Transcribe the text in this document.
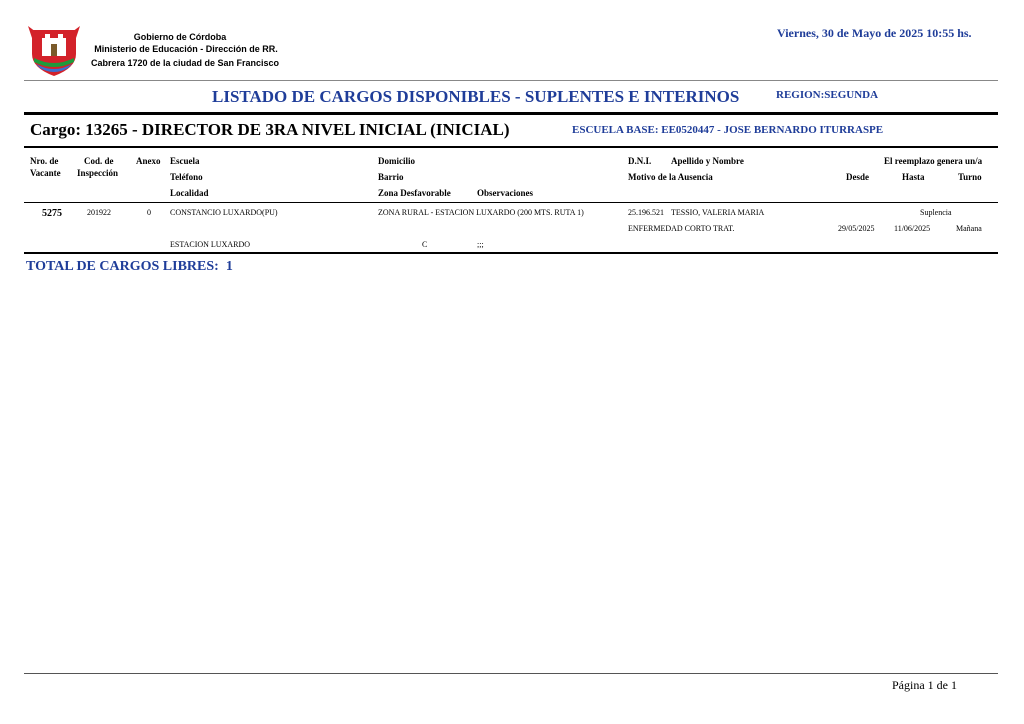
Gobierno de Córdoba
Ministerio de Educación - Dirección de RR.
Cabrera 1720 de la ciudad de San Francisco
Viernes, 30 de Mayo de 2025 10:55 hs.
LISTADO DE CARGOS DISPONIBLES - SUPLENTES E INTERINOS	REGION:SEGUNDA
Cargo: 13265 - DIRECTOR DE 3RA NIVEL INICIAL (INICIAL)	ESCUELA BASE: EE0520447 - JOSE BERNARDO ITURRASPE
Nro. de
Vacante
Cod. de
Inspección
Anexo Escuela
Teléfono
Localidad
Domicilio
Barrio
Zona Desfavorable	Observaciones
D.N.I. Apellido y Nombre
Motivo de la Ausencia
El reemplazo genera un/a
Desde	Hasta	Turno
5275	201922	0 CONSTANCIO LUXARDO(PU)	ZONA RURAL - ESTACION LUXARDO (200 MTS. RUTA 1)	25.196.521 TESSIO, VALERIA MARIA	Suplencia
ENFERMEDAD CORTO TRAT.	29/05/2025 11/06/2025	Mañana
ESTACION LUXARDO	C	;;;
TOTAL DE CARGOS LIBRES:  1
Página 1 de 1
